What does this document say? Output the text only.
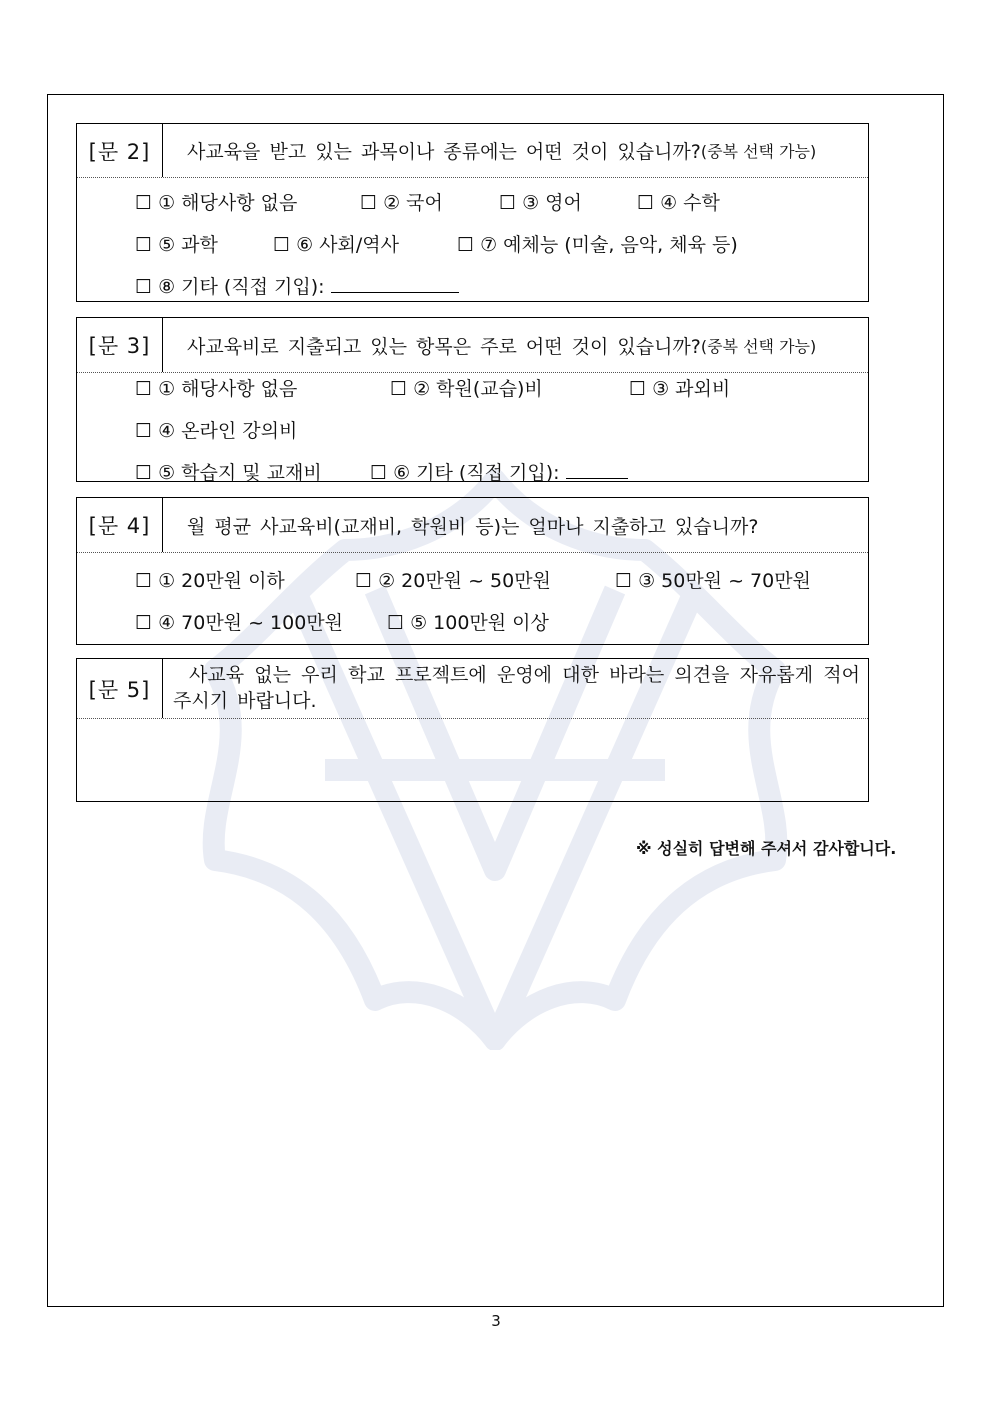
[문 2]	사교육을 받고 있는 과목이나 종류에는 어떤 것이 있습니까? (중복 선택 가능)
☐ ① 해당사항 없음	☐ ② 국어	☐ ③ 영어	☐ ④ 수학
☐ ⑤ 과학	☐ ⑥ 사회/역사	☐ ⑦ 예체능 (미술, 음악, 체육 등)
☐ ⑧ 기타 (직접 기입):
[문 3]	사교육비로 지출되고 있는 항목은 주로 어떤 것이 있습니까? (중복 선택 가능)
☐ ① 해당사항 없음	☐ ② 학원(교습)비	☐ ③ 과외비
☐ ④ 온라인 강의비
☐ ⑤ 학습지 및 교재비	☐ ⑥ 기타 (직접 기입):
[문 4]	월 평균 사교육비(교재비, 학원비 등)는 얼마나 지출하고 있습니까?
☐ ① 20만원 이하	☐ ② 20만원 ~ 50만원	☐ ③ 50만원 ~ 70만원
☐ ④ 70만원 ~ 100만원 ☐ ⑤ 100만원 이상
[문 5]
사교육 없는 우리 학교 프로젝트에 운영에 대한 바라는 의견을 자유롭게 적어 주시기 바랍니다.
※ 성실히 답변해 주셔서 감사합니다.
3
